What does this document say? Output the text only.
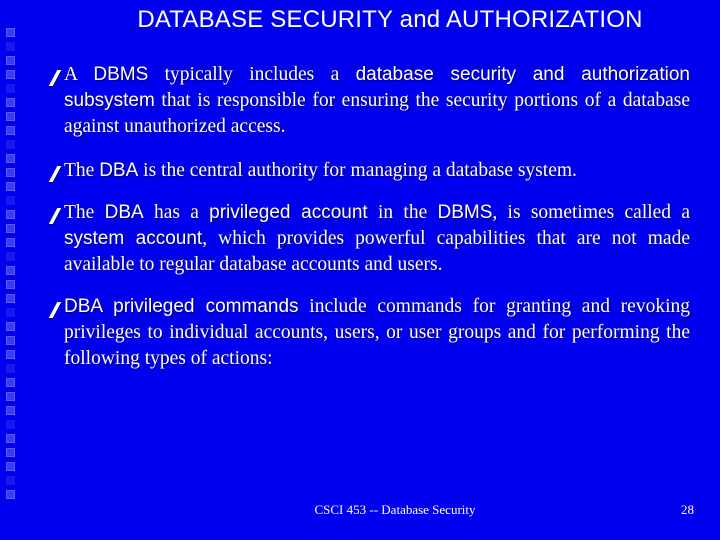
DATABASE SECURITY and AUTHORIZATION
A DBMS typically includes a database security and authorization subsystem that is responsible for ensuring the security portions of a database against unauthorized access.
The DBA is the central authority for managing a database system.
The DBA has a privileged account in the DBMS, is sometimes called a system account, which provides powerful capabilities that are not made available to regular database accounts and users.
DBA privileged commands include commands for granting and revoking privileges to individual accounts, users, or user groups and for performing the following types of actions:
CSCI 453 -- Database Security	28
